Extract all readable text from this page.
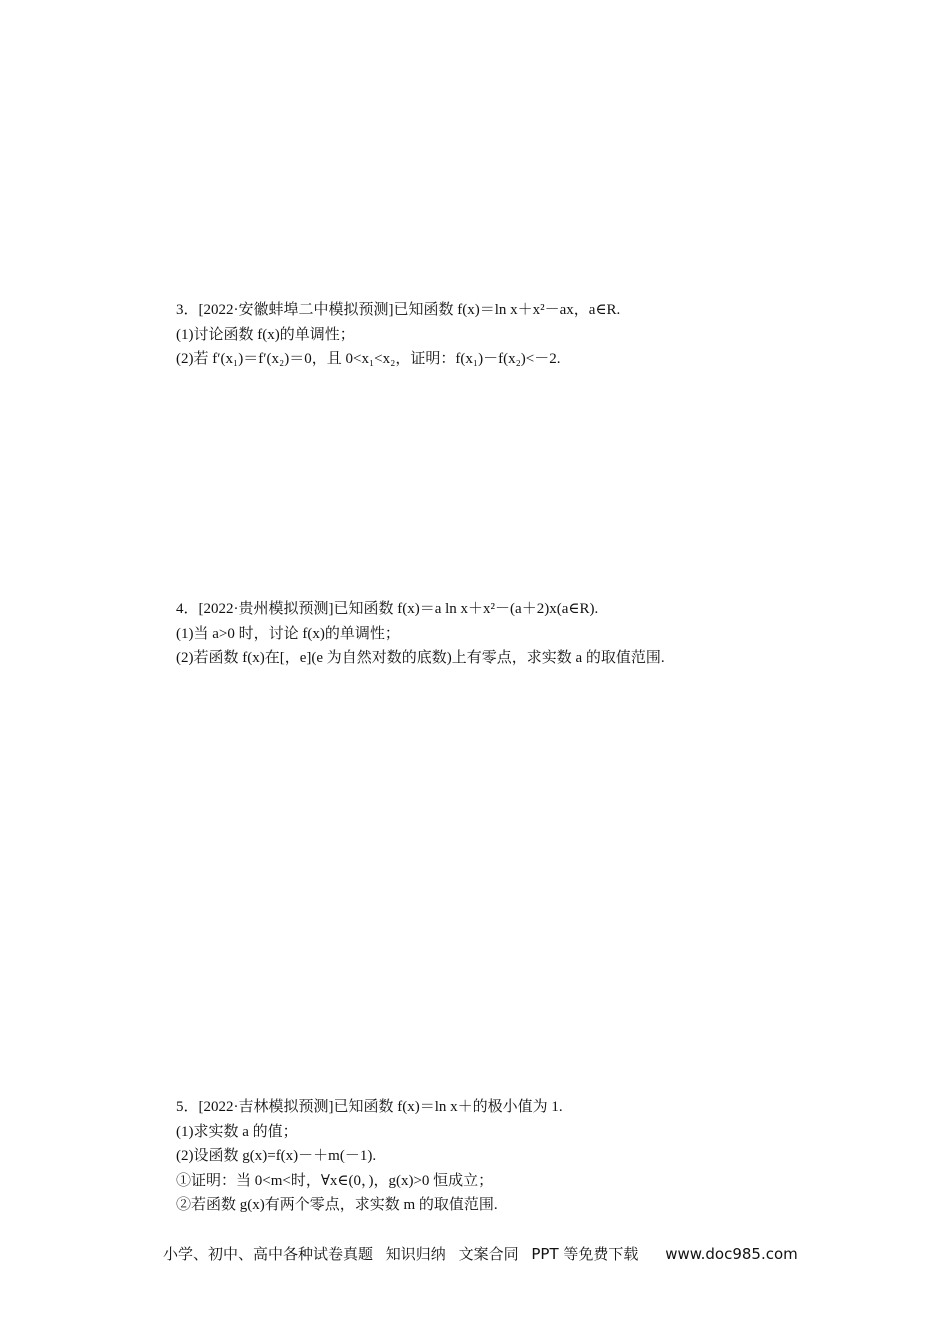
3．[2022·安徽蚌埠二中模拟预测]已知函数 f(x)＝ln x＋x²－ax，a∈R.
(1)讨论函数 f(x)的单调性；
(2)若 f′(x₁)＝f′(x₂)＝0，且 0<x₁<x₂，证明：f(x₁)－f(x₂)<－2.
4．[2022·贵州模拟预测]已知函数 f(x)＝a ln x＋x²－(a＋2)x(a∈R).
(1)当 a>0 时，讨论 f(x)的单调性；
(2)若函数 f(x)在[，e](e 为自然对数的底数)上有零点，求实数 a 的取值范围.
5．[2022·吉林模拟预测]已知函数 f(x)＝ln x＋的极小值为 1.
(1)求实数 a 的值；
(2)设函数 g(x)=f(x)－＋m(－1).
①证明：当 0<m<时，∀x∈(0，)，g(x)>0 恒成立；
②若函数 g(x)有两个零点，求实数 m 的取值范围.
小学、初中、高中各种试卷真题 知识归纳 文案合同 PPT 等免费下载 www.doc985.com
